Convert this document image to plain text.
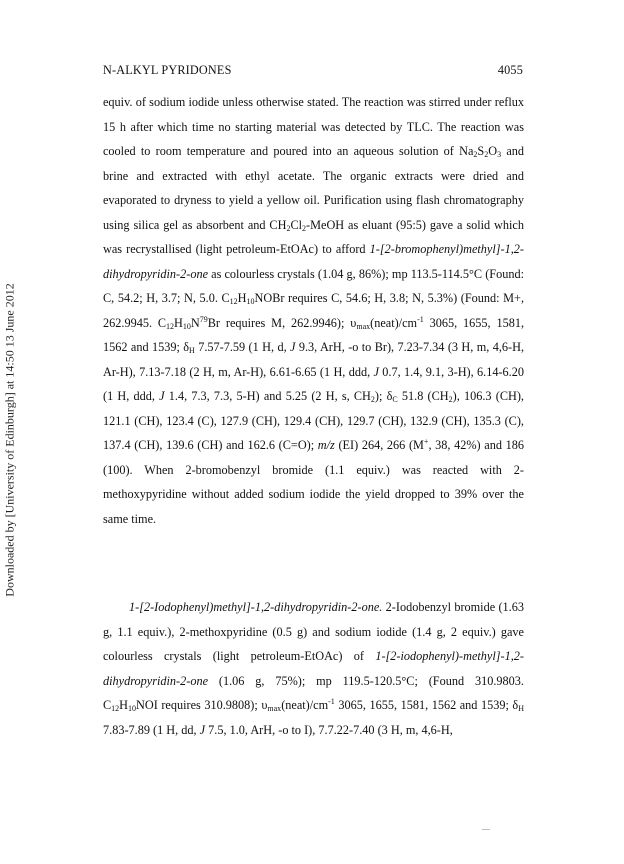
Downloaded by [University of Edinburgh] at 14:50 13 June 2012
N-ALKYL PYRIDONES	4055

equiv. of sodium iodide unless otherwise stated. The reaction was stirred under reflux 15 h after which time no starting material was detected by TLC. The reaction was cooled to room temperature and poured into an aqueous solution of $Na_2S_2O_3$ and brine and extracted with ethyl acetate. The organic extracts were dried and evaporated to dryness to yield a yellow oil. Purification using flash chromatography using silica gel as absorbent and $CH_2Cl_2$-MeOH as eluant (95:5) gave a solid which was recrystallised (light petroleum-EtOAc) to afford 1-[2-bromophenyl)methyl]-1,2-dihydropyridin-2-one as colourless crystals (1.04 g, 86%); mp 113.5-114.5°C (Found: C, 54.2; H, 3.7; N, 5.0. $C_{12}H_{10}NOBr$ requires C, 54.6; H, 3.8; N, 5.3%) (Found: M+, 262.9945. $C_{12}H_{10}N^{79}Br$ requires M, 262.9946); $\upsilon_{max}(neat)/cm^{-1}$ 3065, 1655, 1581, 1562 and 1539; $\delta_H$ 7.57-7.59 (1 H, d, J 9.3, ArH, -o to Br), 7.23-7.34 (3 H, m, 4,6-H, Ar-H), 7.13-7.18 (2 H, m, Ar-H), 6.61-6.65 (1 H, ddd, J 0.7, 1.4, 9.1, 3-H), 6.14-6.20 (1 H, ddd, J 1.4, 7.3, 7.3, 5-H) and 5.25 (2 H, s, $CH_2$); $\delta_C$ 51.8 $(CH_2)$, 106.3 (CH), 121.1 (CH), 123.4 (C), 127.9 (CH), 129.4 (CH), 129.7 (CH), 132.9 (CH), 135.3 (C), 137.4 (CH), 139.6 (CH) and 162.6 (C=O); m/z (EI) 264, 266 (M+, 38, 42%) and 186 (100). When 2-bromobenzyl bromide (1.1 equiv.) was reacted with 2-methoxypyridine without added sodium iodide the yield dropped to 39% over the same time.

1-[2-Iodophenyl)methyl]-1,2-dihydropyridin-2-one. 2-Iodobenzyl bromide (1.63 g, 1.1 equiv.), 2-methoxpyridine (0.5 g) and sodium iodide (1.4 g, 2 equiv.) gave colourless crystals (light petroleum-EtOAc) of 1-[2-iodophenyl)-methyl]-1,2-dihydropyridin-2-one (1.06 g, 75%); mp 119.5-120.5°C; (Found 310.9803. $C_{12}H_{10}NOI$ requires 310.9808); $\upsilon_{max}(neat)/cm^{-1}$ 3065, 1655, 1581, 1562 and 1539; $\delta_H$ 7.83-7.89 (1 H, dd, J 7.5, 1.0, ArH, -o to I), 7.7.22-7.40 (3 H, m, 4,6-H,
